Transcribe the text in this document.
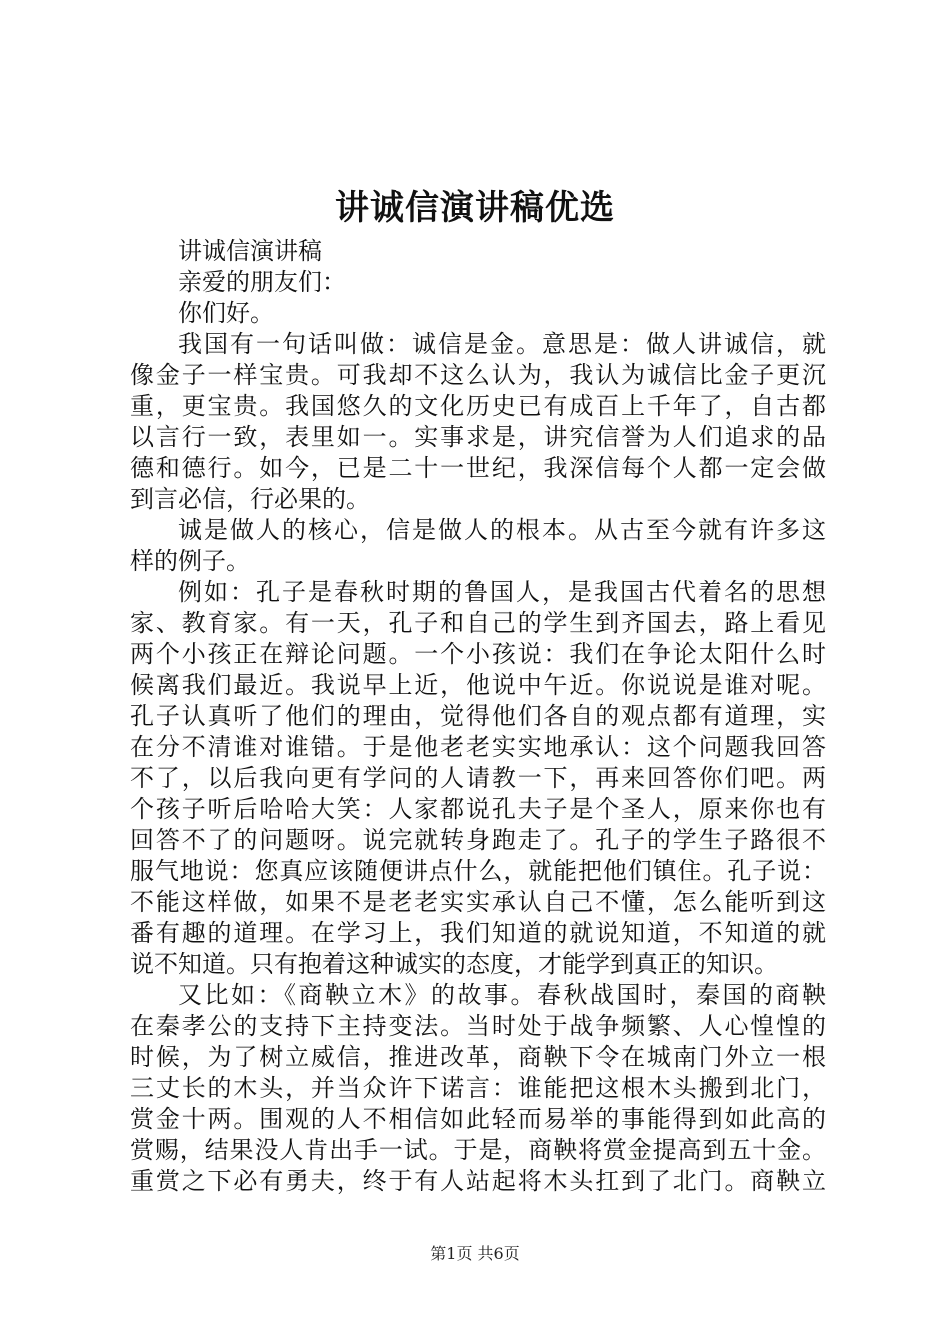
讲诚信演讲稿优选
讲诚信演讲稿
亲爱的朋友们：
你们好。
我国有一句话叫做：诚信是金。意思是：做人讲诚信，就
像金子一样宝贵。可我却不这么认为，我认为诚信比金子更沉
重，更宝贵。我国悠久的文化历史已有成百上千年了，自古都
以言行一致，表里如一。实事求是，讲究信誉为人们追求的品
德和德行。如今，已是二十一世纪，我深信每个人都一定会做
到言必信，行必果的。
诚是做人的核心，信是做人的根本。从古至今就有许多这
样的例子。
例如：孔子是春秋时期的鲁国人，是我国古代着名的思想
家、教育家。有一天，孔子和自己的学生到齐国去，路上看见
两个小孩正在辩论问题。一个小孩说：我们在争论太阳什么时
候离我们最近。我说早上近，他说中午近。你说说是谁对呢。
孔子认真听了他们的理由，觉得他们各自的观点都有道理，实
在分不清谁对谁错。于是他老老实实地承认：这个问题我回答
不了，以后我向更有学问的人请教一下，再来回答你们吧。两
个孩子听后哈哈大笑：人家都说孔夫子是个圣人，原来你也有
回答不了的问题呀。说完就转身跑走了。孔子的学生子路很不
服气地说：您真应该随便讲点什么，就能把他们镇住。孔子说：
不能这样做，如果不是老老实实承认自己不懂，怎么能听到这
番有趣的道理。在学习上，我们知道的就说知道，不知道的就
说不知道。只有抱着这种诚实的态度，才能学到真正的知识。
又比如：《商鞅立木》的故事。春秋战国时，秦国的商鞅
在秦孝公的支持下主持变法。当时处于战争频繁、人心惶惶的
时候，为了树立威信，推进改革，商鞅下令在城南门外立一根
三丈长的木头，并当众许下诺言：谁能把这根木头搬到北门，
赏金十两。围观的人不相信如此轻而易举的事能得到如此高的
赏赐，结果没人肯出手一试。于是，商鞅将赏金提高到五十金。
重赏之下必有勇夫，终于有人站起将木头扛到了北门。商鞅立
第1页 共6页
